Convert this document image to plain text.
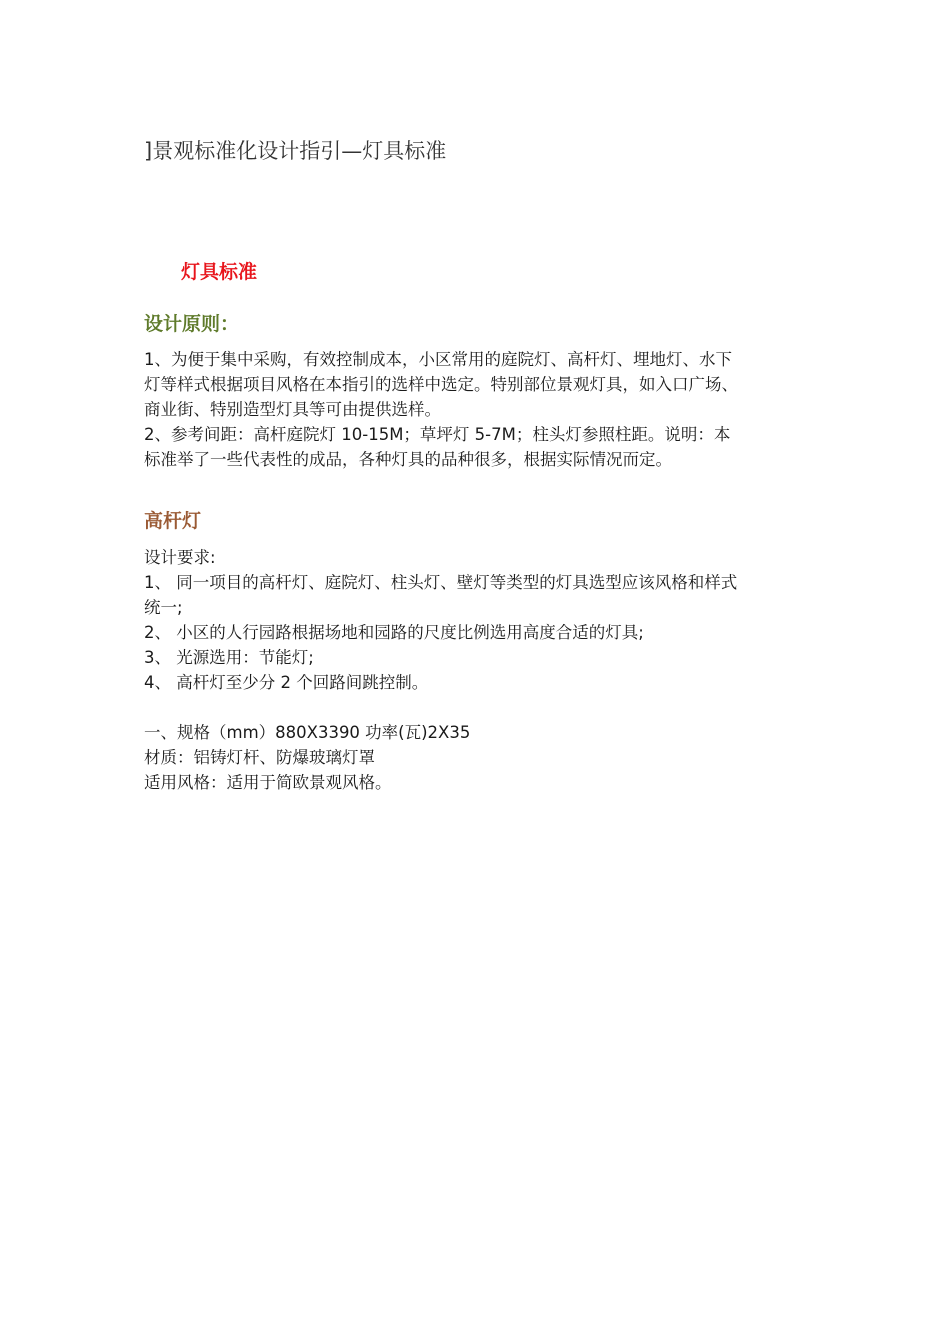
]景观标准化设计指引—灯具标准
灯具标准
设计原则：
1、为便于集中采购，有效控制成本，小区常用的庭院灯、高杆灯、埋地灯、水下
灯等样式根据项目风格在本指引的选样中选定。特别部位景观灯具，如入口广场、
商业街、特别造型灯具等可由提供选样。
2、参考间距：高杆庭院灯 10-15M；草坪灯 5-7M；柱头灯参照柱距。说明：本
标准举了一些代表性的成品，各种灯具的品种很多，根据实际情况而定。
高杆灯
设计要求:
1、 同一项目的高杆灯、庭院灯、柱头灯、壁灯等类型的灯具选型应该风格和样式
统一;
2、 小区的人行园路根据场地和园路的尺度比例选用高度合适的灯具;
3、 光源选用：节能灯;
4、 高杆灯至少分 2 个回路间跳控制。
一、规格（mm）880X3390 功率(瓦)2X35
材质：铝铸灯杆、防爆玻璃灯罩
适用风格：适用于简欧景观风格。
